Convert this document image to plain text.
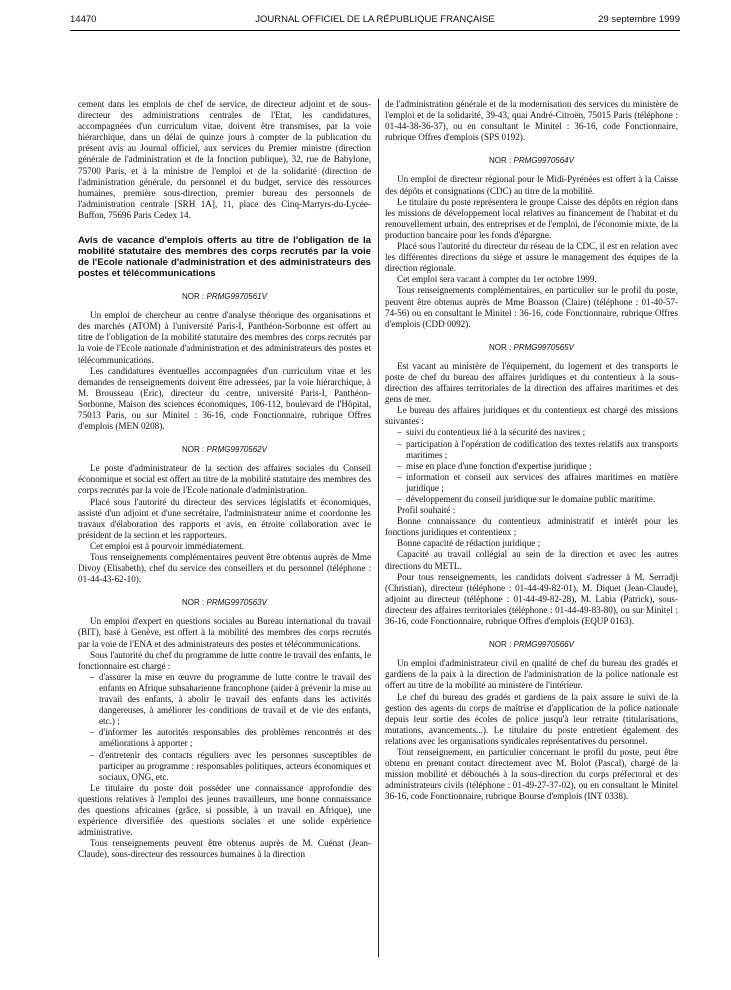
14470	JOURNAL OFFICIEL DE LA RÉPUBLIQUE FRANÇAISE	29 septembre 1999

cement dans les emplois de chef de service, de directeur adjoint et de sous-directeur des administrations centrales de l'Etat, les candidatures, accompagnées d'un curriculum vitae, doivent être transmises, par la voie hiérarchique, dans un délai de quinze jours à compter de la publication du présent avis au Journal officiel, aux services du Premier ministre (direction générale de l'administration et de la fonction publique), 32, rue de Babylone, 75700 Paris, et à la ministre de l'emploi et de la solidarité (direction de l'administration générale, du personnel et du budget, service des ressources humaines, première sous-direction, premier bureau des personnels de l'administration centrale [SRH 1A], 11, place des Cinq-Martyrs-du-Lycée-Buffon, 75696 Paris Cedex 14.

Avis de vacance d'emplois offerts au titre de l'obligation de la mobilité statutaire des membres des corps recrutés par la voie de l'Ecole nationale d'administration et des administrateurs des postes et télécommunications
NOR : PRMG9970561V

Un emploi de chercheur au centre d'analyse théorique des organisations et des marchés (ATOM) à l'université Paris-I, Panthéon-Sorbonne est offert au titre de l'obligation de la mobilité statutaire des membres des corps recrutés par la voie de l'Ecole nationale d'administration et des administrateurs des postes et télécommunications.

Les candidatures éventuelles accompagnées d'un curriculum vitae et les demandes de renseignements doivent être adressées, par la voie hiérarchique, à M. Brousseau (Eric), directeur du centre, université Paris-I, Panthéon-Sorbonne, Maison des sciences économiques, 106-112, boulevard de l'Hôpital, 75013 Paris, ou sur Minitel : 36-16, code Fonctionnaire, rubrique Offres d'emplois (MEN 0208).

NOR : PRMG9970562V

Le poste d'administrateur de la section des affaires sociales du Conseil économique et social est offert au titre de la mobilité statutaire des membres des corps recrutés par la voie de l'Ecole nationale d'administration.

Placé sous l'autorité du directeur des services législatifs et économiques, assisté d'un adjoint et d'une secrétaire, l'administrateur anime et coordonne les travaux d'élaboration des rapports et avis, en étroite collaboration avec le président de la section et les rapporteurs.

Cet emploi est à pourvoir immédiatement.

Tous renseignements complémentaires peuvent être obtenus auprès de Mme Divoy (Elisabeth), chef du service des conseillers et du personnel (téléphone : 01-44-43-62-10).

NOR : PRMG9970563V

Un emploi d'expert en questions sociales au Bureau international du travail (BIT), basé à Genève, est offert à la mobilité des membres des corps recrutés par la voie de l'ENA et des administrateurs des postes et télécommunications.

Sous l'autorité du chef du programme de lutte contre le travail des enfants, le fonctionnaire est chargé :

– d'assurer la mise en œuvre du programme de lutte contre le travail des enfants en Afrique subsaharienne francophone (aider à prévenir la mise au travail des enfants, à abolir le travail des enfants dans les activités dangereuses, à améliorer les conditions de travail et de vie des enfants, etc.) ;
– d'informer les autorités responsables des problèmes rencontrés et des améliorations à apporter ;
– d'entretenir des contacts réguliers avec les personnes susceptibles de participer au programme : responsables politiques, acteurs économiques et sociaux, ONG, etc.

Le titulaire du poste doit posséder une connaissance approfondie des questions relatives à l'emploi des jeunes travailleurs, une bonne connaissance des questions africaines (grâce, si possible, à un travail en Afrique), une expérience diversifiée des questions sociales et une solide expérience administrative.

Tous renseignements peuvent être obtenus auprès de M. Cuénat (Jean-Claude), sous-directeur des ressources humaines à la direction

de l'administration générale et de la modernisation des services du ministère de l'emploi et de la solidarité, 39-43, quai André-Citroën, 75015 Paris (téléphone : 01-44-38-36-37), ou en consultant le Minitel : 36-16, code Fonctionnaire, rubrique Offres d'emplois (SPS 0192).

NOR : PRMG9970564V

Un emploi de directeur régional pour le Midi-Pyrénées est offert à la Caisse des dépôts et consignations (CDC) au titre de la mobilité.

Le titulaire du poste représentera le groupe Caisse des dépôts en région dans les missions de développement local relatives au financement de l'habitat et du renouvellement urbain, des entreprises et de l'emploi, de l'économie mixte, de la production bancaire pour les fonds d'épargne.

Placé sous l'autorité du directeur du réseau de la CDC, il est en relation avec les différentes directions du siège et assure le management des équipes de la direction régionale.

Cet emploi sera vacant à compter du 1er octobre 1999.

Tous renseignements complémentaires, en particulier sur le profil du poste, peuvent être obtenus auprès de Mme Boasson (Claire) (téléphone : 01-40-57-74-56) ou en consultant le Minitel : 36-16, code Fonctionnaire, rubrique Offres d'emplois (CDD 0092).

NOR : PRMG9970565V

Est vacant au ministère de l'équipement, du logement et des transports le poste de chef du bureau des affaires juridiques et du contentieux à la sous-direction des affaires territoriales de la direction des affaires maritimes et des gens de mer.

Le bureau des affaires juridiques et du contentieux est chargé des missions suivantes :

– suivi du contentieux lié à la sécurité des navires ;
– participation à l'opération de codification des textes relatifs aux transports maritimes ;
– mise en place d'une fonction d'expertise juridique ;
– information et conseil aux services des affaires maritimes en matière juridique ;
– développement du conseil juridique sur le domaine public maritime.

Profil souhaité :

Bonne connaissance du contentieux administratif et intérêt pour les fonctions juridiques et contentieux ;

Bonne capacité de rédaction juridique ;

Capacité au travail collégial au sein de la direction et avec les autres directions du METL.

Pour tous renseignements, les candidats doivent s'adresser à M. Serradji (Christian), directeur (téléphone : 01-44-49-82-01), M. Diquet (Jean-Claude), adjoint au directeur (téléphone : 01-44-49-82-28), M. Labia (Patrick), sous-directeur des affaires territoriales (téléphone : 01-44-49-83-80), ou sur Minitel : 36-16, code Fonctionnaire, rubrique Offres d'emplois (EQUP 0163).

NOR : PRMG9970566V

Un emploi d'administrateur civil en qualité de chef du bureau des gradés et gardiens de la paix à la direction de l'administration de la police nationale est offert au titre de la mobilité au ministère de l'intérieur.

Le chef du bureau des gradés et gardiens de la paix assure le suivi de la gestion des agents du corps de maîtrise et d'application de la police nationale depuis leur sortie des écoles de police jusqu'à leur retraite (titularisations, mutations, avancements...). Le titulaire du poste entretient également des relations avec les organisations syndicales représentatives du personnel.

Tout renseignement, en particulier concernant le profil du poste, peut être obtenu en prenant contact directement avec M. Bolot (Pascal), chargé de la mission mobilité et débouchés à la sous-direction du corps préfectoral et des administrateurs civils (téléphone : 01-49-27-37-02), ou en consultant le Minitel 36-16, code Fonctionnaire, rubrique Bourse d'emplois (INT 0338).
